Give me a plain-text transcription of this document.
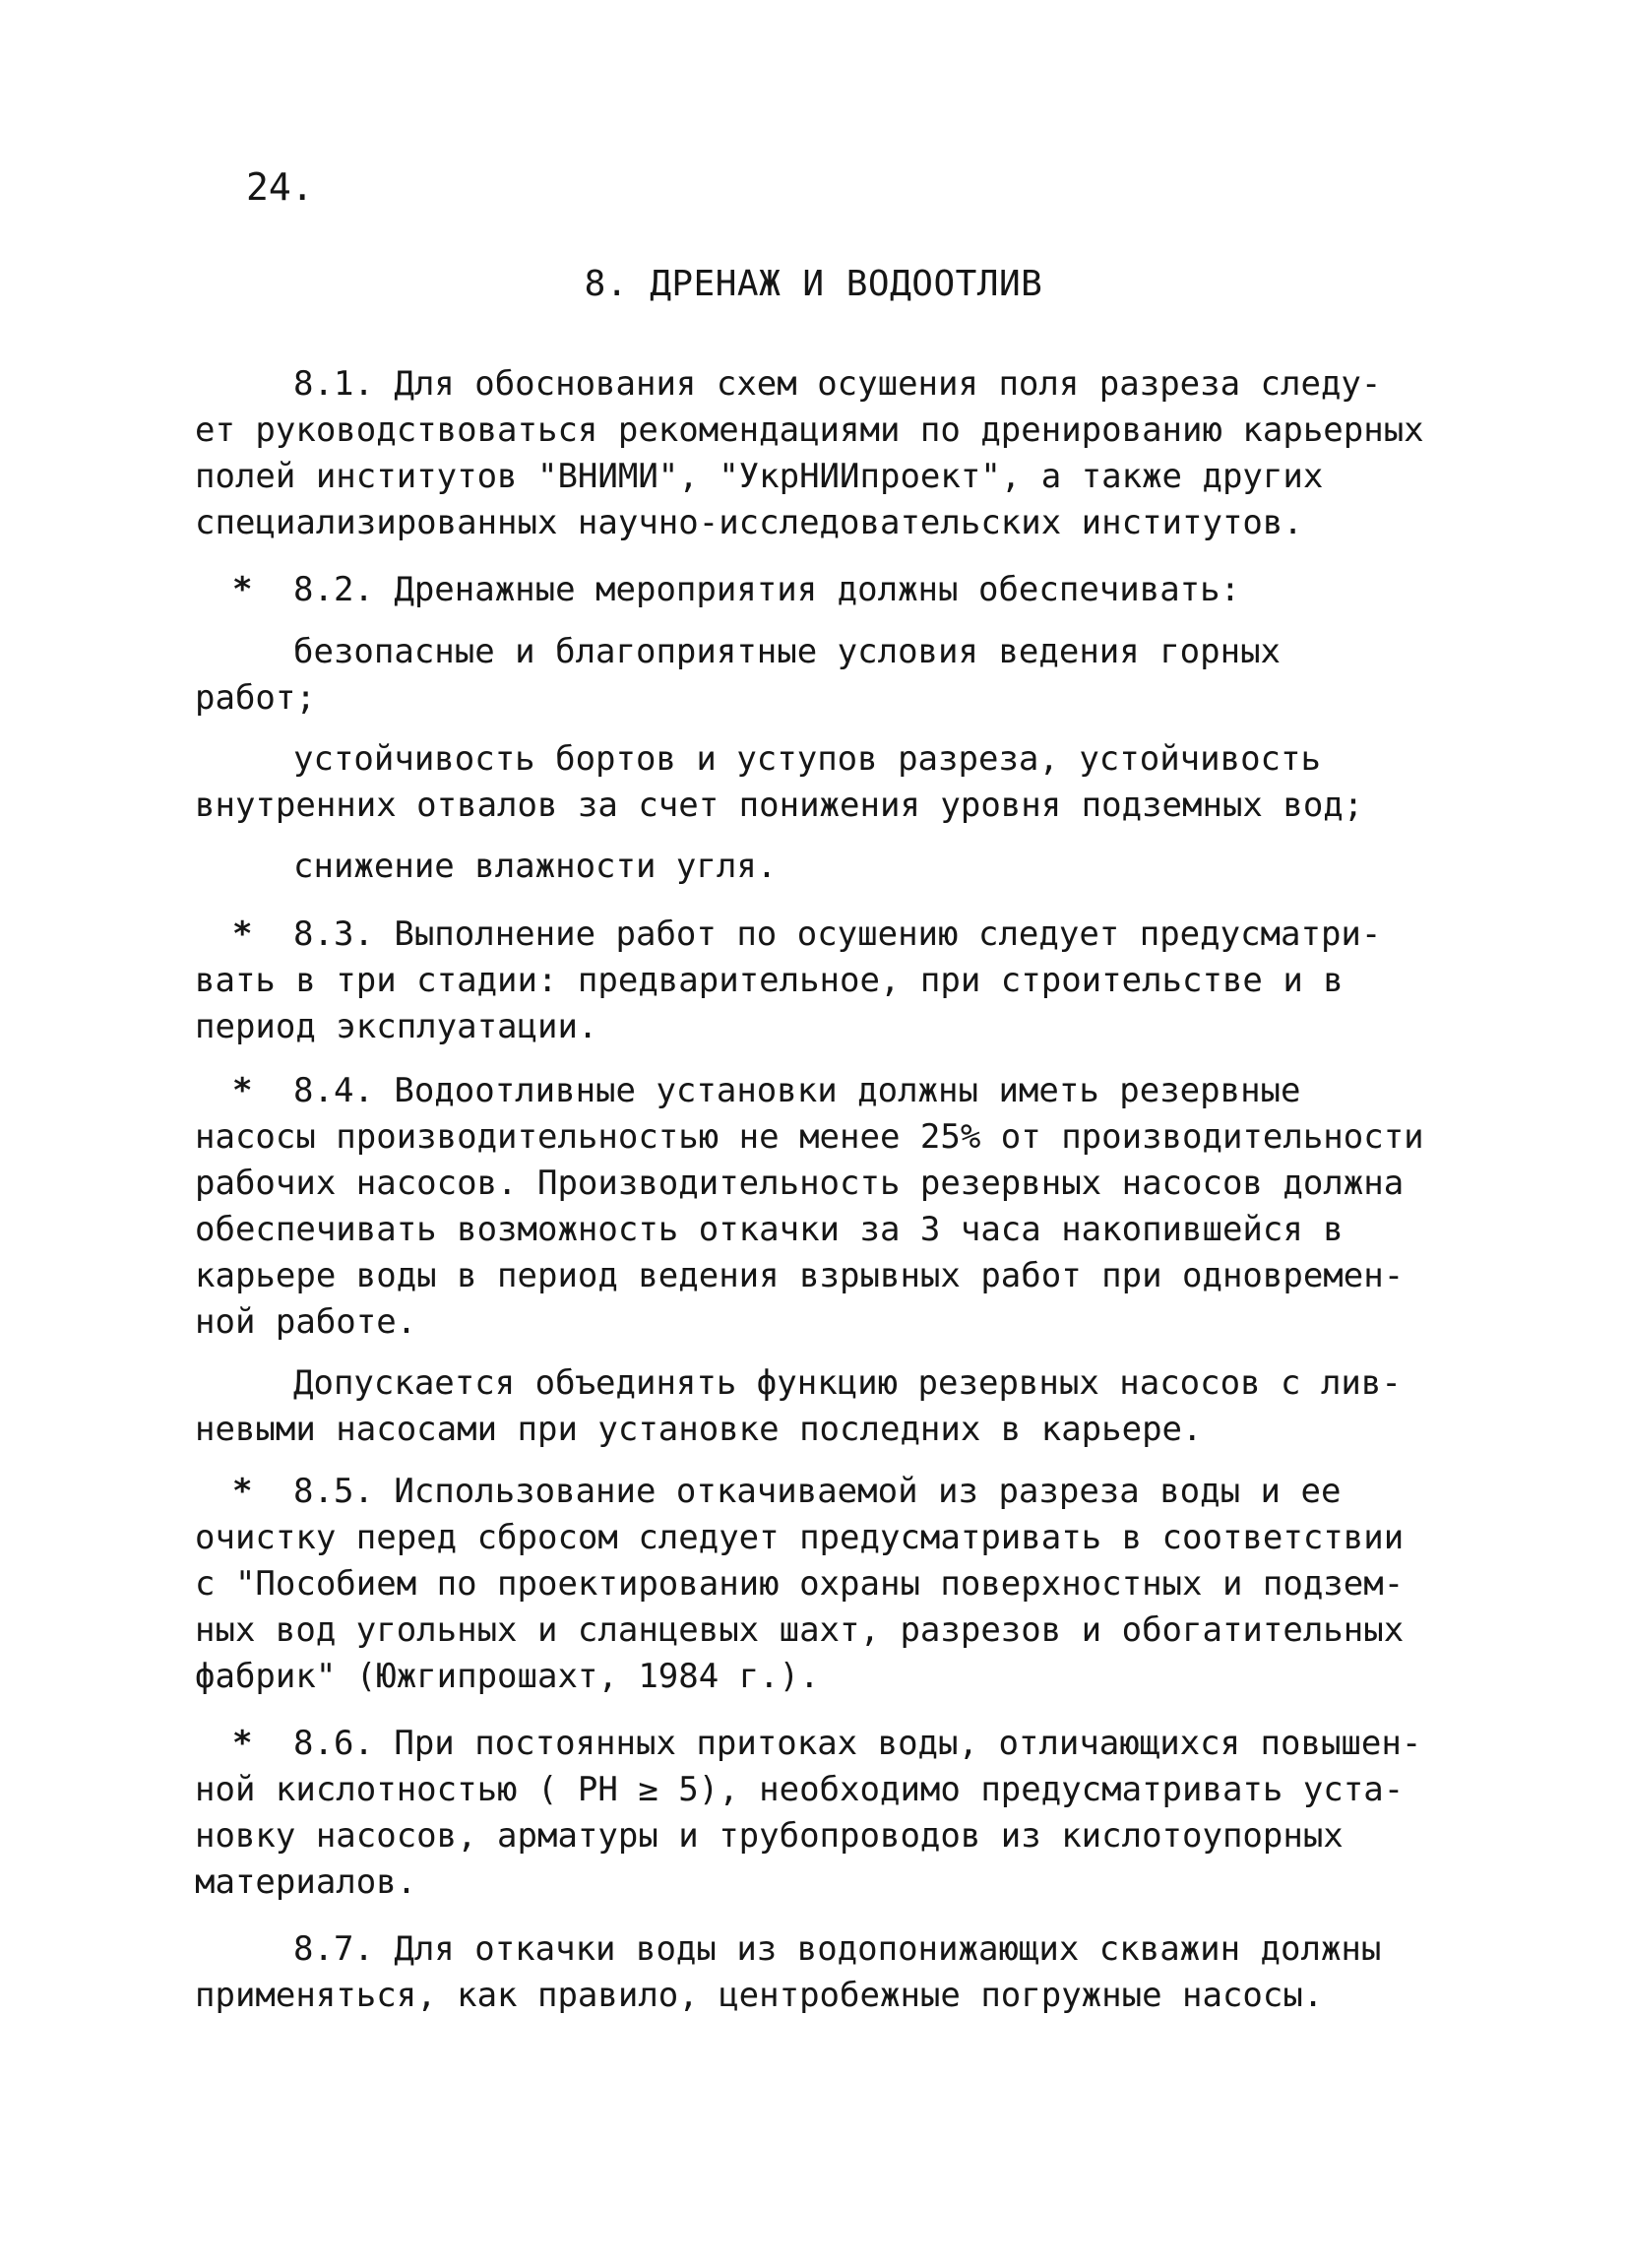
24.
8. ДРЕНАЖ И ВОДООТЛИВ
8.1. Для обоснования схем осушения поля разреза следу-
ет руководствоваться рекомендациями по дренированию карьерных
полей институтов "ВНИМИ", "УкрНИИпроект", а также других
специализированных научно-исследовательских институтов.
* 8.2. Дренажные мероприятия должны обеспечивать:
безопасные и благоприятные условия ведения горных
работ;
устойчивость бортов и уступов разреза, устойчивость
внутренних отвалов за счет понижения уровня подземных вод;
снижение влажности угля.
* 8.3. Выполнение работ по осушению следует предусматри-
вать в три стадии: предварительное, при строительстве и в
период эксплуатации.
* 8.4. Водоотливные установки должны иметь резервные
насосы производительностью не менее 25% от производительности
рабочих насосов. Производительность резервных насосов должна
обеспечивать возможность откачки за 3 часа накопившейся в
карьере воды в период ведения взрывных работ при одновремен-
ной работе.
Допускается объединять функцию резервных насосов с лив-
невыми насосами при установке последних в карьере.
* 8.5. Использование откачиваемой из разреза воды и ее
очистку перед сбросом следует предусматривать в соответствии
с "Пособием по проектированию охраны поверхностных и подзем-
ных вод угольных и сланцевых шахт, разрезов и обогатительных
фабрик" (Южгипрошахт, 1984 г.).
* 8.6. При постоянных притоках воды, отличающихся повышен-
ной кислотностью ( PH ≥ 5), необходимо предусматривать уста-
новку насосов, арматуры и трубопроводов из кислотоупорных
материалов.
8.7. Для откачки воды из водопонижающих скважин должны
применяться, как правило, центробежные погружные насосы.
